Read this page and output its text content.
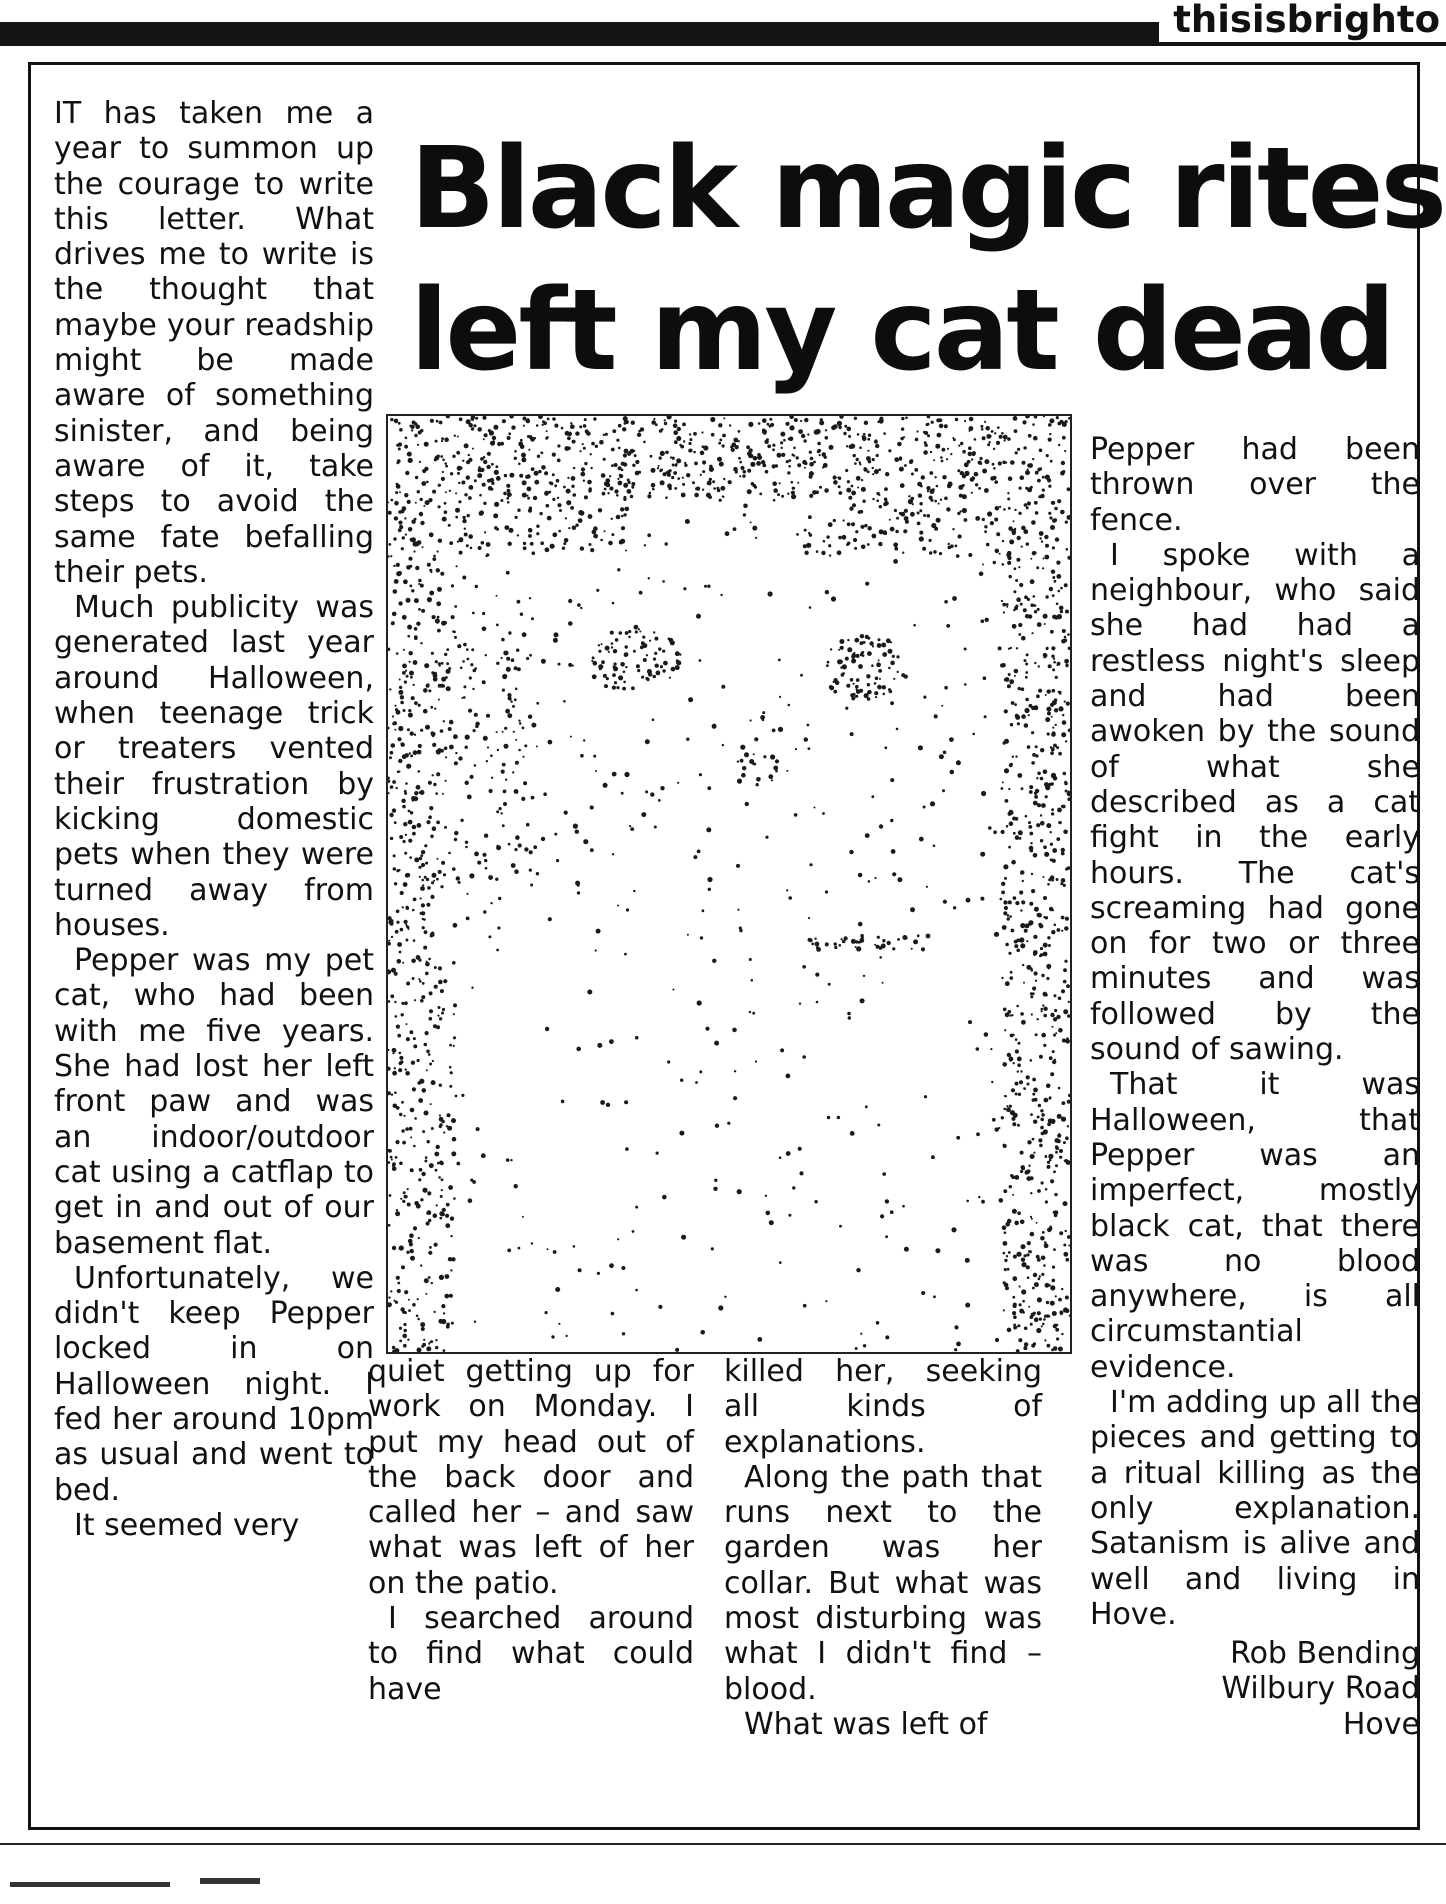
thisisbrighto
Black magic rites
left my cat dead

IT has taken me a year to summon up the courage to write this letter. What drives me to write is the thought that maybe your readship might be made aware of something sinister, and being aware of it, take steps to avoid the same fate befalling their pets.

Much publicity was generated last year around Halloween, when teenage trick or treaters vented their frustration by kicking domestic pets when they were turned away from houses.

Pepper was my pet cat, who had been with me five years. She had lost her left front paw and was an indoor/outdoor cat using a catflap to get in and out of our basement flat.

Unfortunately, we didn't keep Pepper locked in on Halloween night. I fed her around 10pm as usual and went to bed.

It seemed very

quiet getting up for work on Monday. I put my head out of the back door and called her – and saw what was left of her on the patio.

I searched around to find what could have

killed her, seeking all kinds of explanations.

Along the path that runs next to the garden was her collar. But what was most disturbing was what I didn't find – blood.

What was left of

Pepper had been thrown over the fence.

I spoke with a neighbour, who said she had had a restless night's sleep and had been awoken by the sound of what she described as a cat fight in the early hours. The cat's screaming had gone on for two or three minutes and was followed by the sound of sawing.

That it was Halloween, that Pepper was an imperfect, mostly black cat, that there was no blood anywhere, is all circumstantial evidence.

I'm adding up all the pieces and getting to a ritual killing as the only explanation. Satanism is alive and well and living in Hove.

Rob Bending
Wilbury Road
Hove
